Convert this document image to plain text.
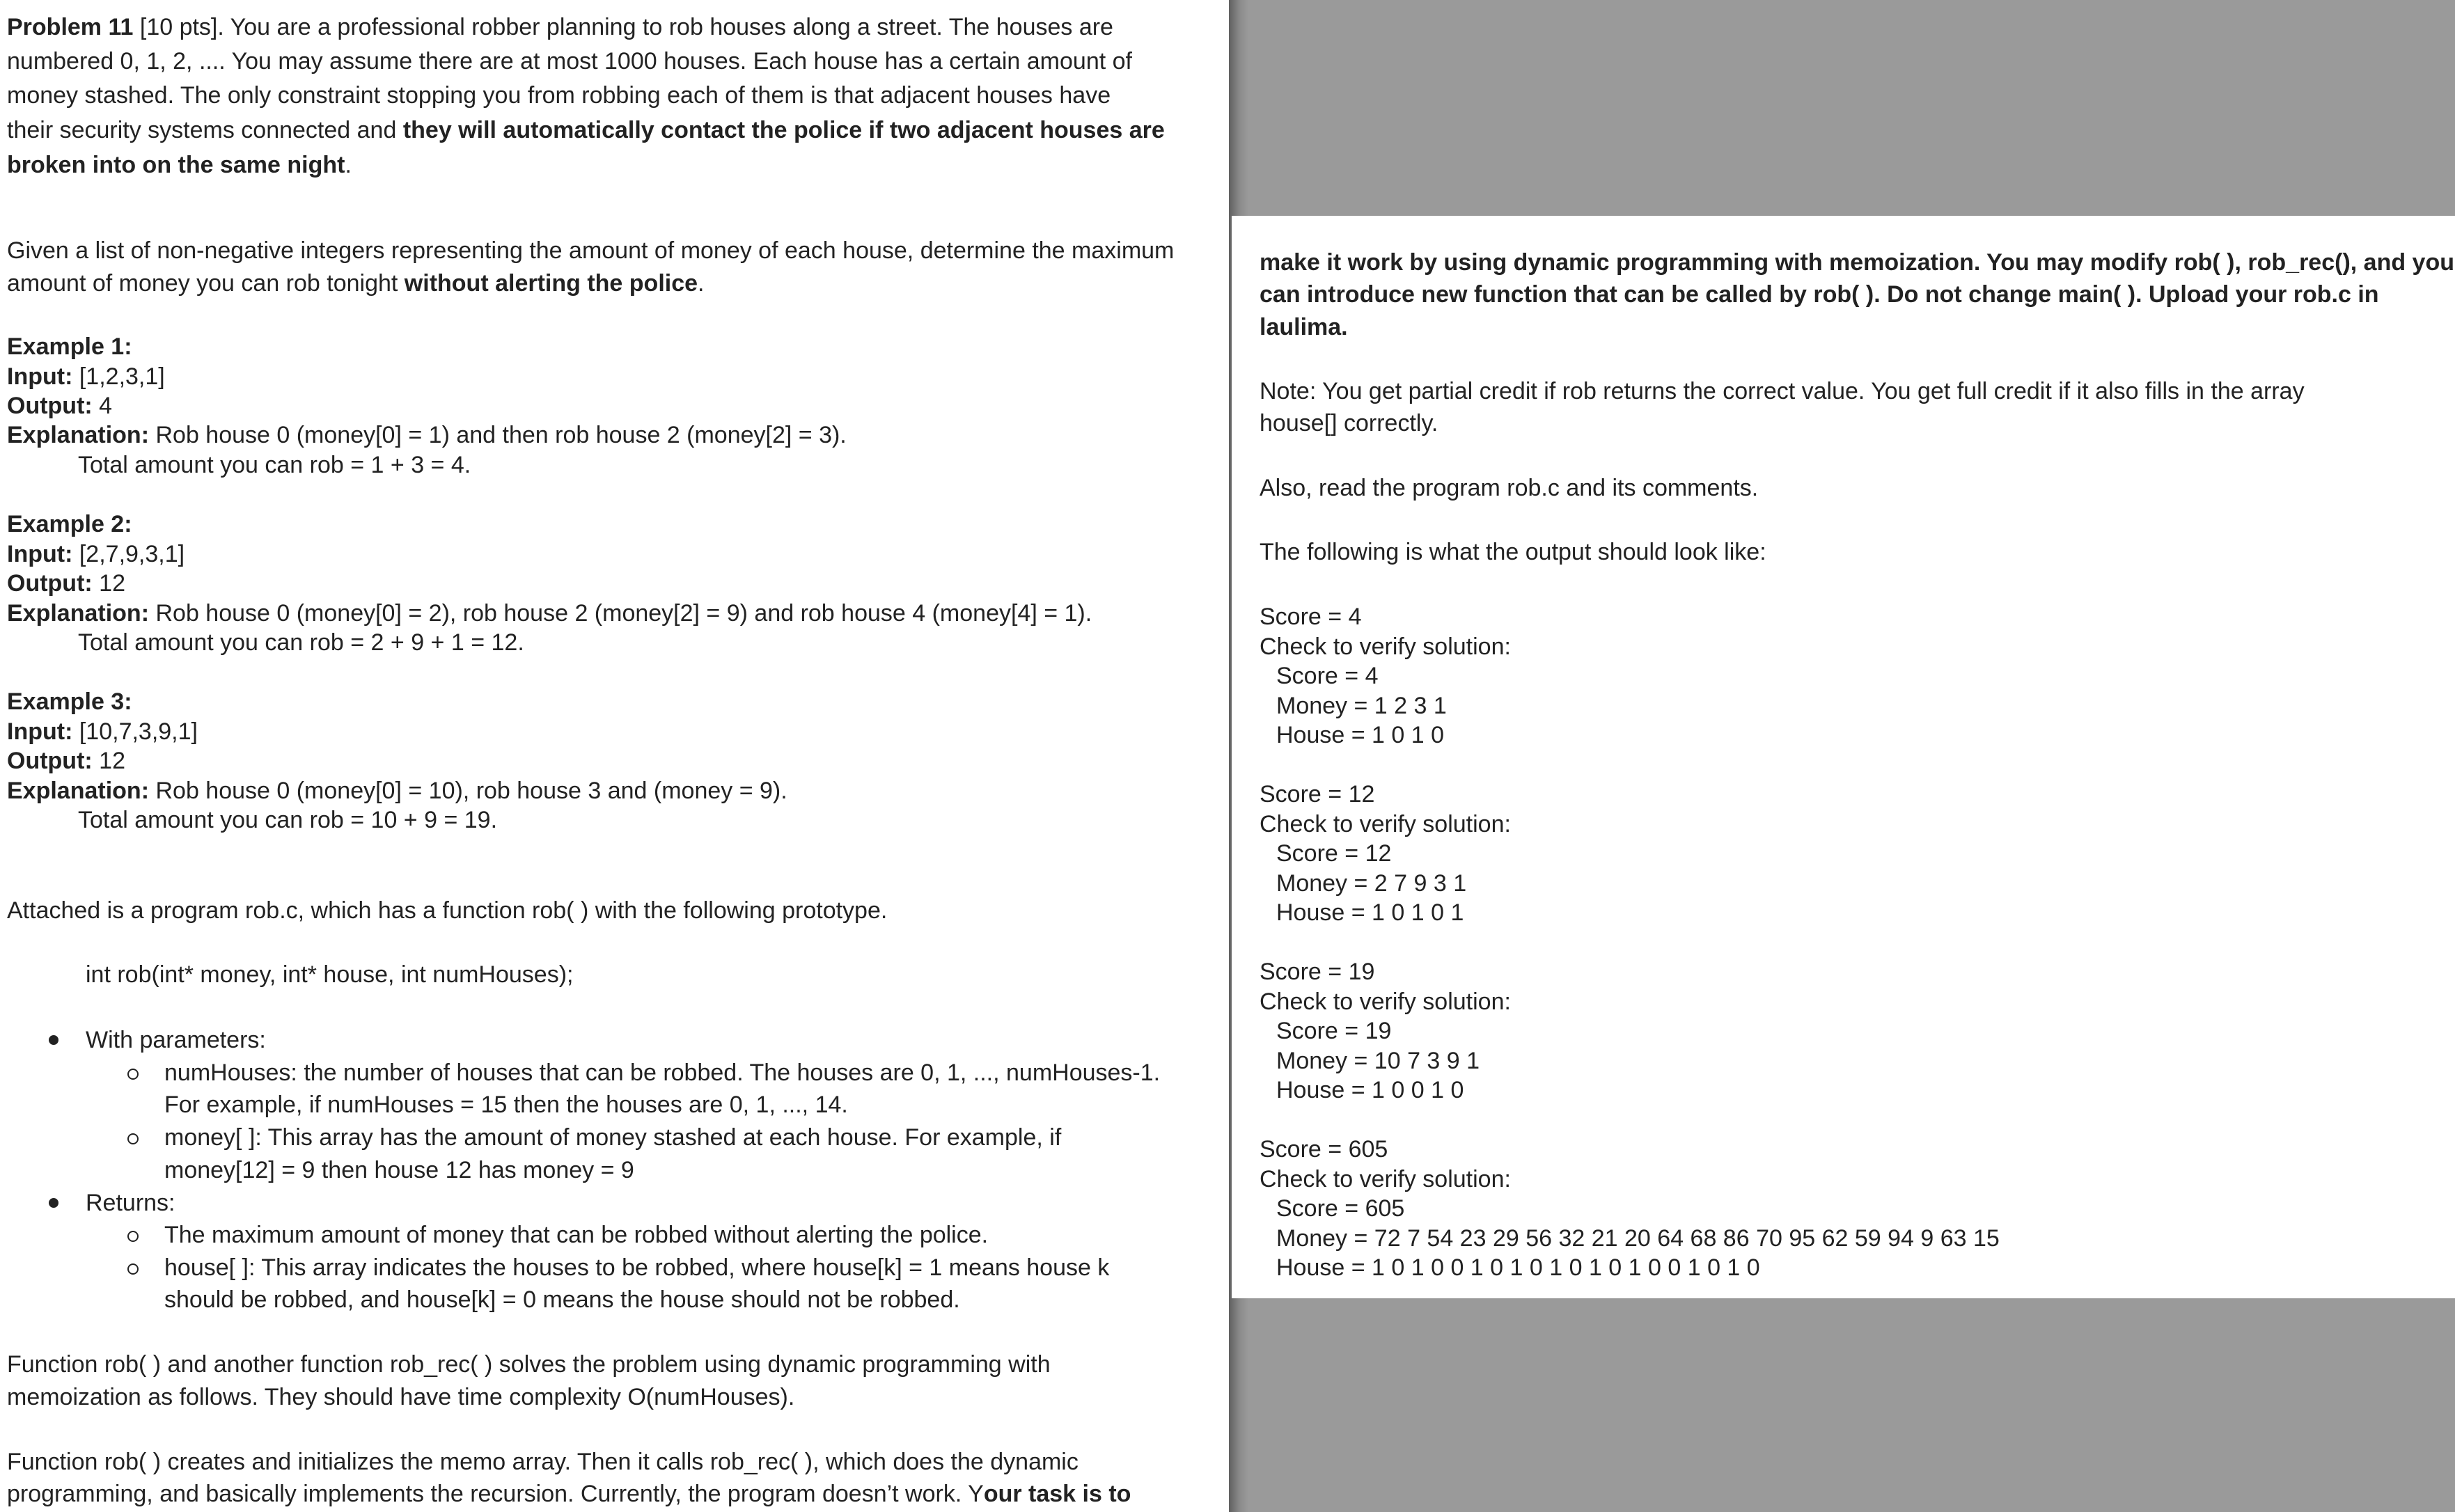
Problem 11 [10 pts]. You are a professional robber planning to rob houses along a street. The houses are
numbered 0, 1, 2, .... You may assume there are at most 1000 houses. Each house has a certain amount of
money stashed. The only constraint stopping you from robbing each of them is that adjacent houses have
their security systems connected and they will automatically contact the police if two adjacent houses are
broken into on the same night.
Given a list of non-negative integers representing the amount of money of each house, determine the maximum
amount of money you can rob tonight without alerting the police.
Example 1:
Input: [1,2,3,1]
Output: 4
Explanation: Rob house 0 (money[0] = 1) and then rob house 2 (money[2] = 3).
Total amount you can rob = 1 + 3 = 4.
Example 2:
Input: [2,7,9,3,1]
Output: 12
Explanation: Rob house 0 (money[0] = 2), rob house 2 (money[2] = 9) and rob house 4 (money[4] = 1).
Total amount you can rob = 2 + 9 + 1 = 12.
Example 3:
Input: [10,7,3,9,1]
Output: 12
Explanation: Rob house 0 (money[0] = 10), rob house 3 and (money = 9).
Total amount you can rob = 10 + 9 = 19.
Attached is a program rob.c, which has a function rob( ) with the following prototype.
int rob(int* money, int* house, int numHouses);
With parameters:
numHouses: the number of houses that can be robbed. The houses are 0, 1, ..., numHouses-1.
For example, if numHouses = 15 then the houses are 0, 1, ..., 14.
money[ ]: This array has the amount of money stashed at each house. For example, if
money[12] = 9 then house 12 has money = 9
Returns:
The maximum amount of money that can be robbed without alerting the police.
house[ ]: This array indicates the houses to be robbed, where house[k] = 1 means house k
should be robbed, and house[k] = 0 means the house should not be robbed.
Function rob( ) and another function rob_rec( ) solves the problem using dynamic programming with
memoization as follows. They should have time complexity O(numHouses).
Function rob( ) creates and initializes the memo array. Then it calls rob_rec( ), which does the dynamic
programming, and basically implements the recursion. Currently, the program doesn’t work. Your task is to
make it work by using dynamic programming with memoization. You may modify rob( ), rob_rec(), and you
can introduce new function that can be called by rob( ). Do not change main( ). Upload your rob.c in
laulima.
Note: You get partial credit if rob returns the correct value. You get full credit if it also fills in the array
house[] correctly.
Also, read the program rob.c and its comments.
The following is what the output should look like:
Score = 4
Check to verify solution:
Score = 4
Money = 1 2 3 1
House = 1 0 1 0
Score = 12
Check to verify solution:
Score = 12
Money = 2 7 9 3 1
House = 1 0 1 0 1
Score = 19
Check to verify solution:
Score = 19
Money = 10 7 3 9 1
House = 1 0 0 1 0
Score = 605
Check to verify solution:
Score = 605
Money = 72 7 54 23 29 56 32 21 20 64 68 86 70 95 62 59 94 9 63 15
House = 1 0 1 0 0 1 0 1 0 1 0 1 0 1 0 0 1 0 1 0
